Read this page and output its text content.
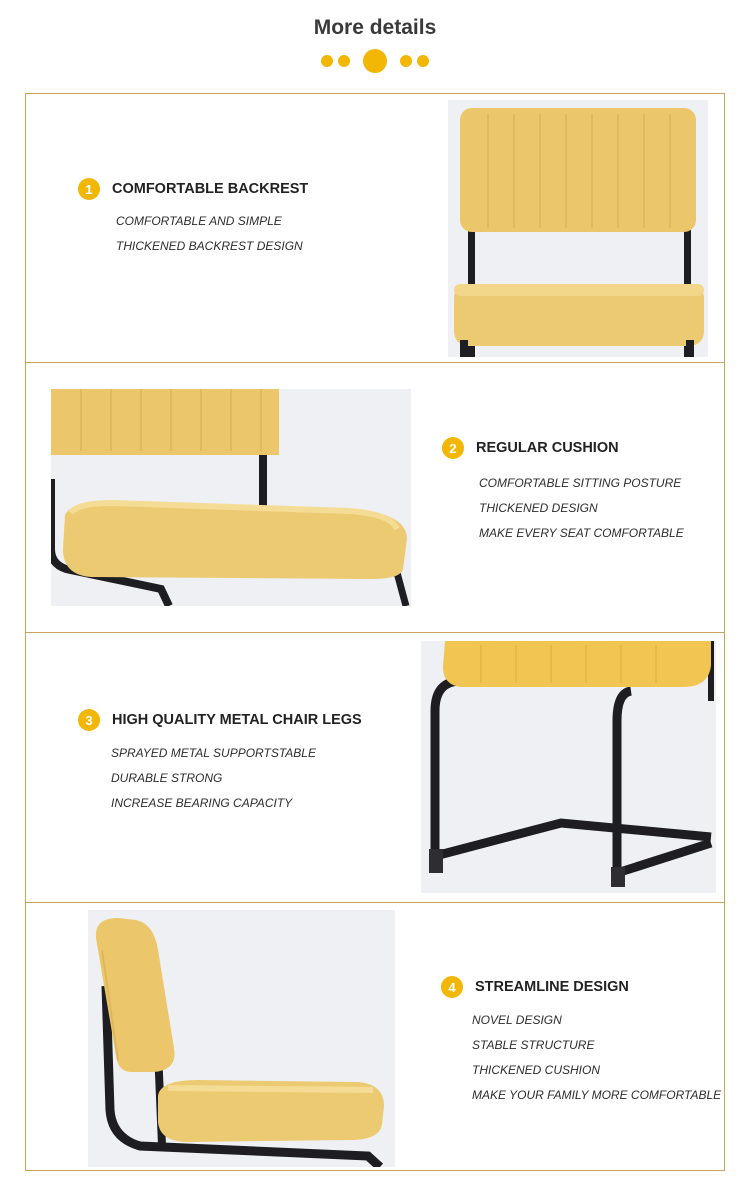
More details
1	COMFORTABLE BACKREST
COMFORTABLE AND SIMPLE
THICKENED BACKREST DESIGN
2	REGULAR CUSHION
COMFORTABLE SITTING POSTURE
THICKENED DESIGN
MAKE EVERY SEAT COMFORTABLE
3	HIGH QUALITY METAL CHAIR LEGS
SPRAYED METAL SUPPORTSTABLE
DURABLE STRONG
INCREASE BEARING CAPACITY
4	STREAMLINE DESIGN
NOVEL DESIGN
STABLE STRUCTURE
THICKENED CUSHION
MAKE YOUR FAMILY MORE COMFORTABLE
